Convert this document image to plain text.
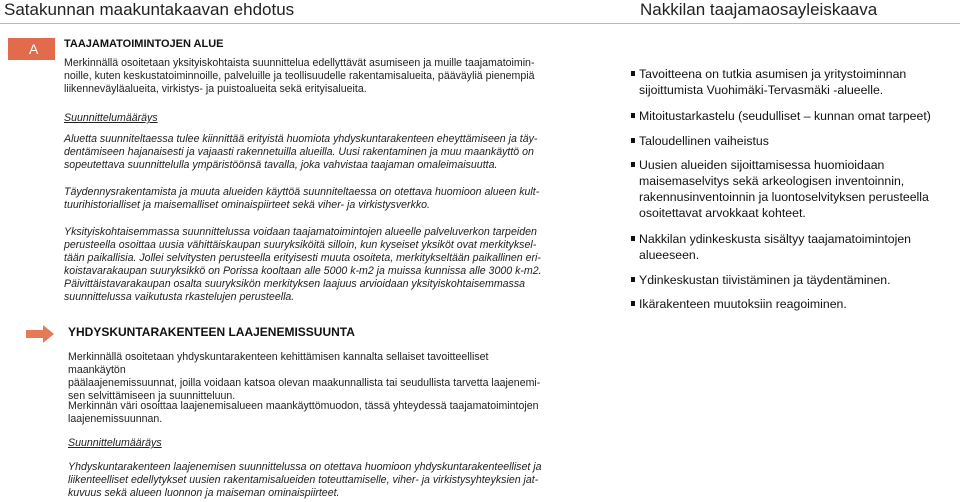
Satakunnan maakuntakaavan ehdotus	Nakkilan taajamaosayleiskaava
A	TAAJAMATOIMINTOJEN ALUE
Merkinnällä osoitetaan yksityiskohtaista suunnittelua edellyttävät asumiseen ja muille taajamatoimin-
noille, kuten keskustatoiminnoille, palveluille ja teollisuudelle rakentamisalueita, pääväyliä pienempiä
liikenneväyläalueita, virkistys- ja puistoalueita sekä erityisalueita.
Suunnittelumääräys
Aluetta suunniteltaessa tulee kiinnittää erityistä huomiota yhdyskuntarakenteen eheyttämiseen ja täy-
dentämiseen hajanaisesti ja vajaasti rakennetuilla alueilla. Uusi rakentaminen ja muu maankäyttö on
sopeutettava suunnittelulla ympäristöönsä tavalla, joka vahvistaa taajaman omaleimaisuutta.
Täydennysrakentamista ja muuta alueiden käyttöä suunniteltaessa on otettava huomioon alueen kult-
tuurihistorialliset ja maisemalliset ominaispiirteet sekä viher- ja virkistysverkko.
Yksityiskohtaisemmassa suunnittelussa voidaan taajamatoimintojen alueelle palveluverkon tarpeiden
perusteella osoittaa uusia vähittäiskaupan suuryksiköitä silloin, kun kyseiset yksiköt ovat merkityksel-
tään paikallisia. Jollei selvitysten perusteella erityisesti muuta osoiteta, merkitykseltään paikallinen eri-
koistavarakaupan suuryksikkö on Porissa kooltaan alle 5000 k-m2 ja muissa kunnissa alle 3000 k-m2.
Päivittäistavarakaupan osalta suuryksikön merkityksen laajuus arvioidaan yksityiskohtaisemmassa
suunnittelussa vaikutusta rkastelujen perusteella.
YHDYSKUNTARAKENTEEN LAAJENEMISSUUNTA
Merkinnällä osoitetaan yhdyskuntarakenteen kehittämisen kannalta sellaiset tavoitteelliset maankäytön
päälaajenemissuunnat, joilla voidaan katsoa olevan maakunnallista tai seudullista tarvetta laajenemi-
sen selvittämiseen ja suunnitteluun.
Merkinnän väri osoittaa laajenemisalueen maankäyttömuodon, tässä yhteydessä taajamatoimintojen
laajenemissuunnan.
Suunnittelumääräys
Yhdyskuntarakenteen laajenemisen suunnittelussa on otettava huomioon yhdyskuntarakenteelliset ja
liikenteelliset edellytykset uusien rakentamisalueiden toteuttamiselle, viher- ja virkistysyhteyksien jat-
kuvuus sekä alueen luonnon ja maiseman ominaispiirteet.
Tavoitteena on tutkia asumisen ja yritystoiminnan
sijoittumista Vuohimäki-Tervasmäki -alueelle.
Mitoitustarkastelu (seudulliset – kunnan omat tarpeet)
Taloudellinen vaiheistus
Uusien alueiden sijoittamisessa huomioidaan
maisemaselvitys sekä arkeologisen inventoinnin,
rakennusinventoinnin ja luontoselvityksen perusteella
osoitettavat arvokkaat kohteet.
Nakkilan ydinkeskusta sisältyy taajamatoimintojen
alueeseen.
Ydinkeskustan tiivistäminen ja täydentäminen.
Ikärakenteen muutoksiin reagoiminen.
